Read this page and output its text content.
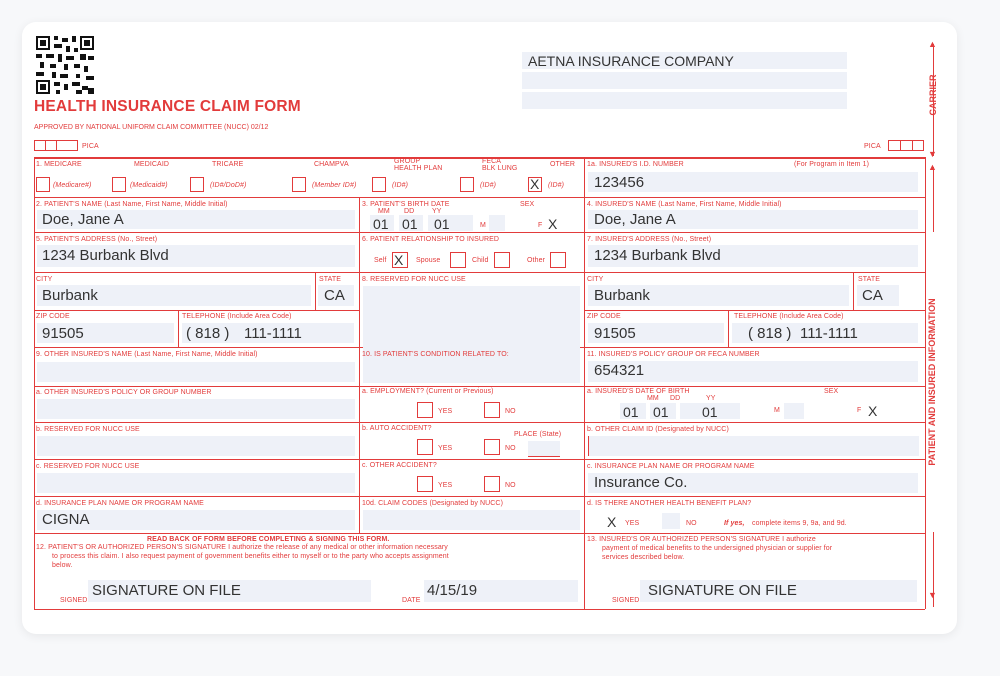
HEALTH INSURANCE CLAIM FORM
APPROVED BY NATIONAL UNIFORM CLAIM COMMITTEE (NUCC) 02/12
AETNA INSURANCE COMPANY
PICA	PICA
▲
▼
CARRIER
▲
▼
PATIENT AND INSURED INFORMATION
1. MEDICARE	MEDICAID	TRICARE	CHAMPVA	GROUP
HEALTH PLAN
FECA
BLK LUNG
OTHER
(Medicare#)	(Medicaid#)	(ID#/DoD#)	(Member ID#)	(ID#)	(ID#) X (ID#)
1a. INSURED'S I.D. NUMBER	(For Program in Item 1)
123456
2. PATIENT'S NAME (Last Name, First Name, Middle Initial)
Doe, Jane A
3. PATIENT'S BIRTH DATE	SEX
MM DD	YY
01 01 01	M	F X
4. INSURED'S NAME (Last Name, First Name, Middle Initial)
Doe, Jane A
5. PATIENT'S ADDRESS (No., Street)
1234 Burbank Blvd
CITY
Burbank
STATE
CA
ZIP CODE
91505
TELEPHONE (Include Area Code)
( 818 ) 111-1111
6. PATIENT RELATIONSHIP TO INSURED
Self X Spouse	Child	Other
7. INSURED'S ADDRESS (No., Street)
1234 Burbank Blvd
CITY
Burbank
STATE
CA
ZIP CODE
91505
TELEPHONE (Include Area Code)
( 818 ) 111-1111
8. RESERVED FOR NUCC USE
9. OTHER INSURED'S NAME (Last Name, First Name, Middle Initial)
a. OTHER INSURED'S POLICY OR GROUP NUMBER
b. RESERVED FOR NUCC USE
c. RESERVED FOR NUCC USE
d. INSURANCE PLAN NAME OR PROGRAM NAME
CIGNA
10. IS PATIENT'S CONDITION RELATED TO:
a. EMPLOYMENT? (Current or Previous)
YES	NO
b. AUTO ACCIDENT?
PLACE (State)
YES	NO
c. OTHER ACCIDENT?
YES	NO
10d. CLAIM CODES (Designated by NUCC)
11. INSURED'S POLICY GROUP OR FECA NUMBER
654321
a. INSURED'S DATE OF BIRTH	SEX
MM DD	YY
01 01 01	M	F X
b. OTHER CLAIM ID (Designated by NUCC)
c. INSURANCE PLAN NAME OR PROGRAM NAME
Insurance Co.
d. IS THERE ANOTHER HEALTH BENEFIT PLAN?
X YES	NO	If yes, complete items 9, 9a, and 9d.
READ BACK OF FORM BEFORE COMPLETING & SIGNING THIS FORM.
12. PATIENT'S OR AUTHORIZED PERSON'S SIGNATURE I authorize the release of any medical or other information necessary
to process this claim. I also request payment of government benefits either to myself or to the party who accepts assignment
below.
SIGNED
SIGNATURE ON FILE
DATE
4/15/19
13. INSURED'S OR AUTHORIZED PERSON'S SIGNATURE I authorize
payment of medical benefits to the undersigned physician or supplier for
services described below.
SIGNED
SIGNATURE ON FILE
